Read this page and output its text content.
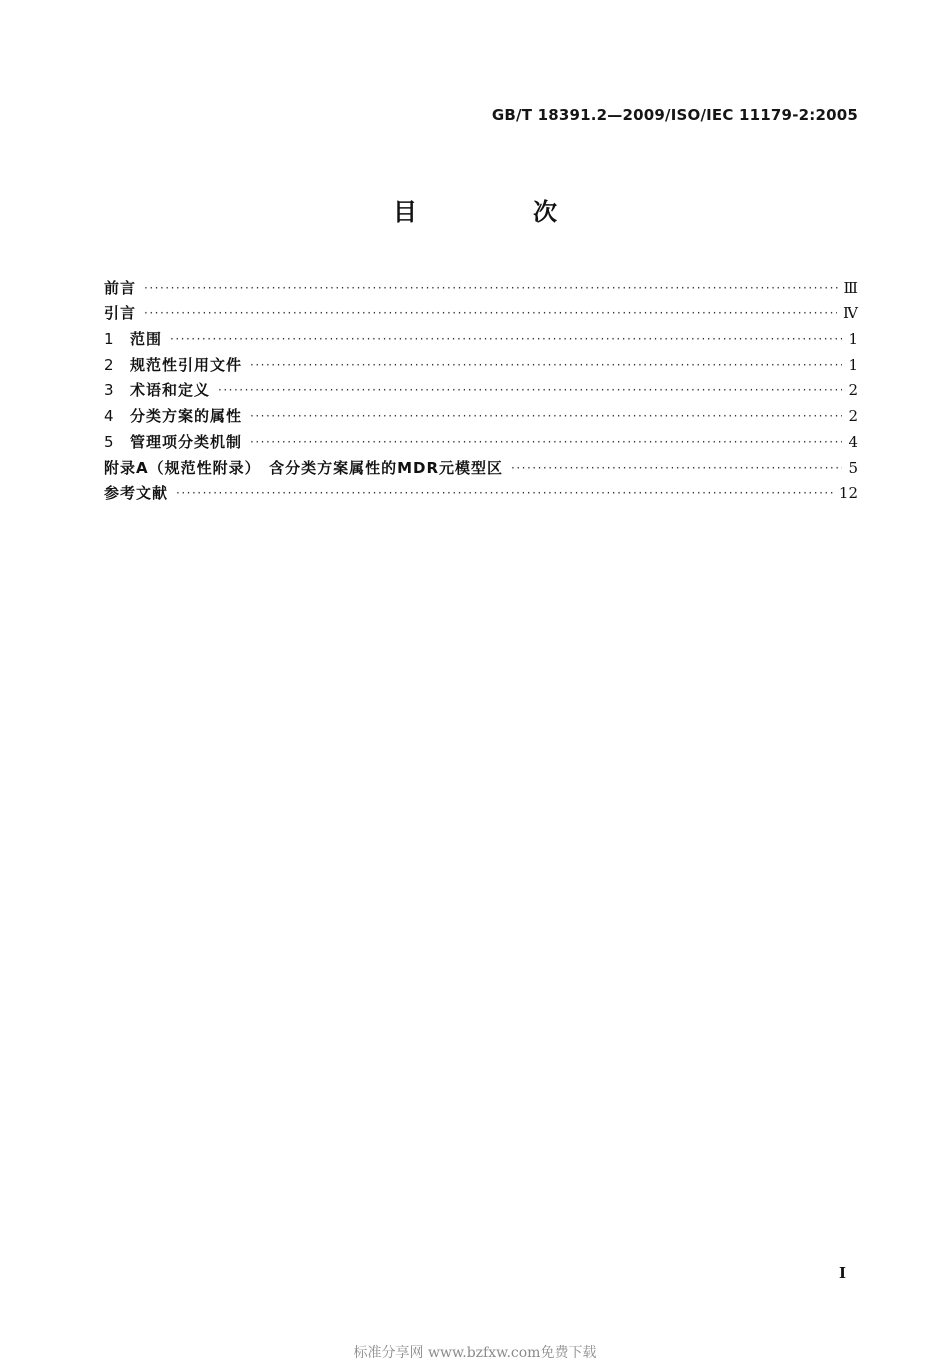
GB/T 18391.2—2009/ISO/IEC 11179-2:2005
目　次
前言 ·····	Ⅲ
引言 ·····	Ⅳ
1	范围 ·····	1
2	规范性引用文件 ·····	1
3	术语和定义 ·····	2
4	分类方案的属性 ·····	2
5	管理项分类机制 ·····	4
附录A（规范性附录）　含分类方案属性的MDR元模型区 ·····	5
参考文献 ·····	12
I
标准分享网 www.bzfxw.com免费下载
